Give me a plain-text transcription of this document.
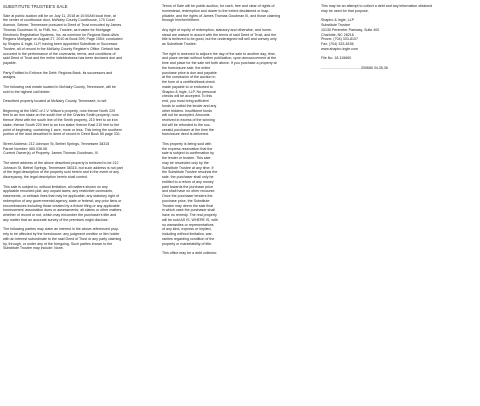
SUBSTITUTE TRUSTEE'S SALE

Sale at public auction will be on July 11, 2018 at 10:00AM local time, at
the center of courthouse door, McNairy County Courthouse, 170 Court
Avenue, Selmer, Tennessee pursuant to Deed of Trust executed by James
Thomas Goodman III, to FNB, Inc., Trustee, as trustee for Mortgage
Electronic Registration Systems, Inc. as nominee for Regions Bank d/b/a
Regions Mortgage on August 27, 2010 at Book 399, Page 1554; conducted
by Shapiro & Ingle, LLP, having been appointed Substitute or Successor
Trustee, all of record in the McNairy County Register's Office. Default has
occurred in the performance of the covenants, terms, and conditions of
said Deed of Trust and the entire indebtedness has been declared due and
payable.

Party Entitled to Enforce the Debt: Regions Bank, its successors and
assigns.

The following real estate located in McNairy County, Tennessee, will be
sold to the highest call bidder:

Described property located at McNairy County, Tennessee, to wit:

Beginning at the NWC of J.V. Wilson's property, runs thence North 220
feet to an iron stake on the south line of the Charles Smith property; runs
thence West with the south line of the Smith property, 210 feet to an iron
stake; thence South 220 feet to an iron stake; thence East 210 feet to the
point of beginning, containing 1 acre, more or less. This being the southern
portion of the land described in deed of record in Deed Book 85 page 331.

Street Address: 212 Johnson St, Bethel Springs, Tennessee 38315
Parcel Number: 060 036.06
Current Owner(s) of Property: James Thomas Goodman, III

The street address of the above described property is believed to be 212
Johnson St, Bethel Springs, Tennessee 38315, but such address is not part
of the legal description of the property sold herein and in the event of any
discrepancy, the legal description herein shall control.

This sale is subject to, without limitation, all matters shown on any
applicable recorded plat; any unpaid taxes; any restrictive covenants,
easements, or setback lines that may be applicable; any statutory right of
redemption of any governmental agency, state or federal; any prior liens or
encumbrances including those created by a fixture filing or any applicable
homeowners' association dues or assessments; all claims or other matters,
whether of record or not, which may encumber the purchaser's title and
any matter that an accurate survey of the premises might disclose.

The following parties may claim an interest in the above-referenced prop-
erty to be affected by the foreclosure: any judgment creditor or lien holder
with an interest subordinate to the said Deed of Trust or any party claiming
by, through, or under any of the foregoing. Such parties known to the
Substitute Trustee may include: None.

Terms of Sale will be public auction, for cash, free and clear of rights of
homestead, redemption and dower to the extent disclaimed or inap-
plicable, and the rights of James Thomas Goodman III, and those claiming
through him/her/it/them.

Any right of equity of redemption, statutory and otherwise, and home-
stead are waived in accord with the terms of said Deed of Trust, and the
title is believed to be good, but the undersigned will sell and convey only
as Substitute Trustee.

The right is reserved to adjourn the day of the sale to another day, time,
and place certain without further publication, upon announcement at the
time and place for the sale set forth above. If you purchase a property at

the foreclosure sale, the entire
purchase price is due and payable
at the conclusion of the auction in
the form of a certified/bank check
made payable to or endorsed to
Shapiro & Ingle, LLP. No personal
checks will be accepted. To this
end, you must bring sufficient
funds to outbid the lender and any
other bidders. Insufficient funds
will not be accepted. Amounts
received in excess of the winning
bid will be refunded to the suc-
cessful purchaser at the time the
foreclosure deed is delivered.

This property is being sold with
the express reservation that the
sale is subject to confirmation by
the lender or trustee. This sale
may be rescinded only by the
Substitute Trustee at any time. If
the Substitute Trustee rescinds the
sale, the purchaser shall only be
entitled to a return of any money
paid towards the purchase price
and shall have no other recourse.
Once the purchaser tenders the
purchase price, the Substitute
Trustee may deem the sale final
in which case the purchaser shall
have no remedy. The real property
will be sold AS IS, WHERE IS, with
no warranties or representations
of any kind, express or implied,
including without limitation, war-
ranties regarding condition of the
property or marketability of title.

This office may be a debt collector.

This may be an attempt to collect a debt and any information obtained
may be used for that purpose.

Shapiro & Ingle, LLP
Substitute Trustee
10130 Perimeter Parkway, Suite 400
Charlotte, NC 28216
Phone: (704) 333-8107
Fax: (704) 333-8156
www.shapiro-ingle.com

File No. 18-115660

........................................339685 34,35,36
